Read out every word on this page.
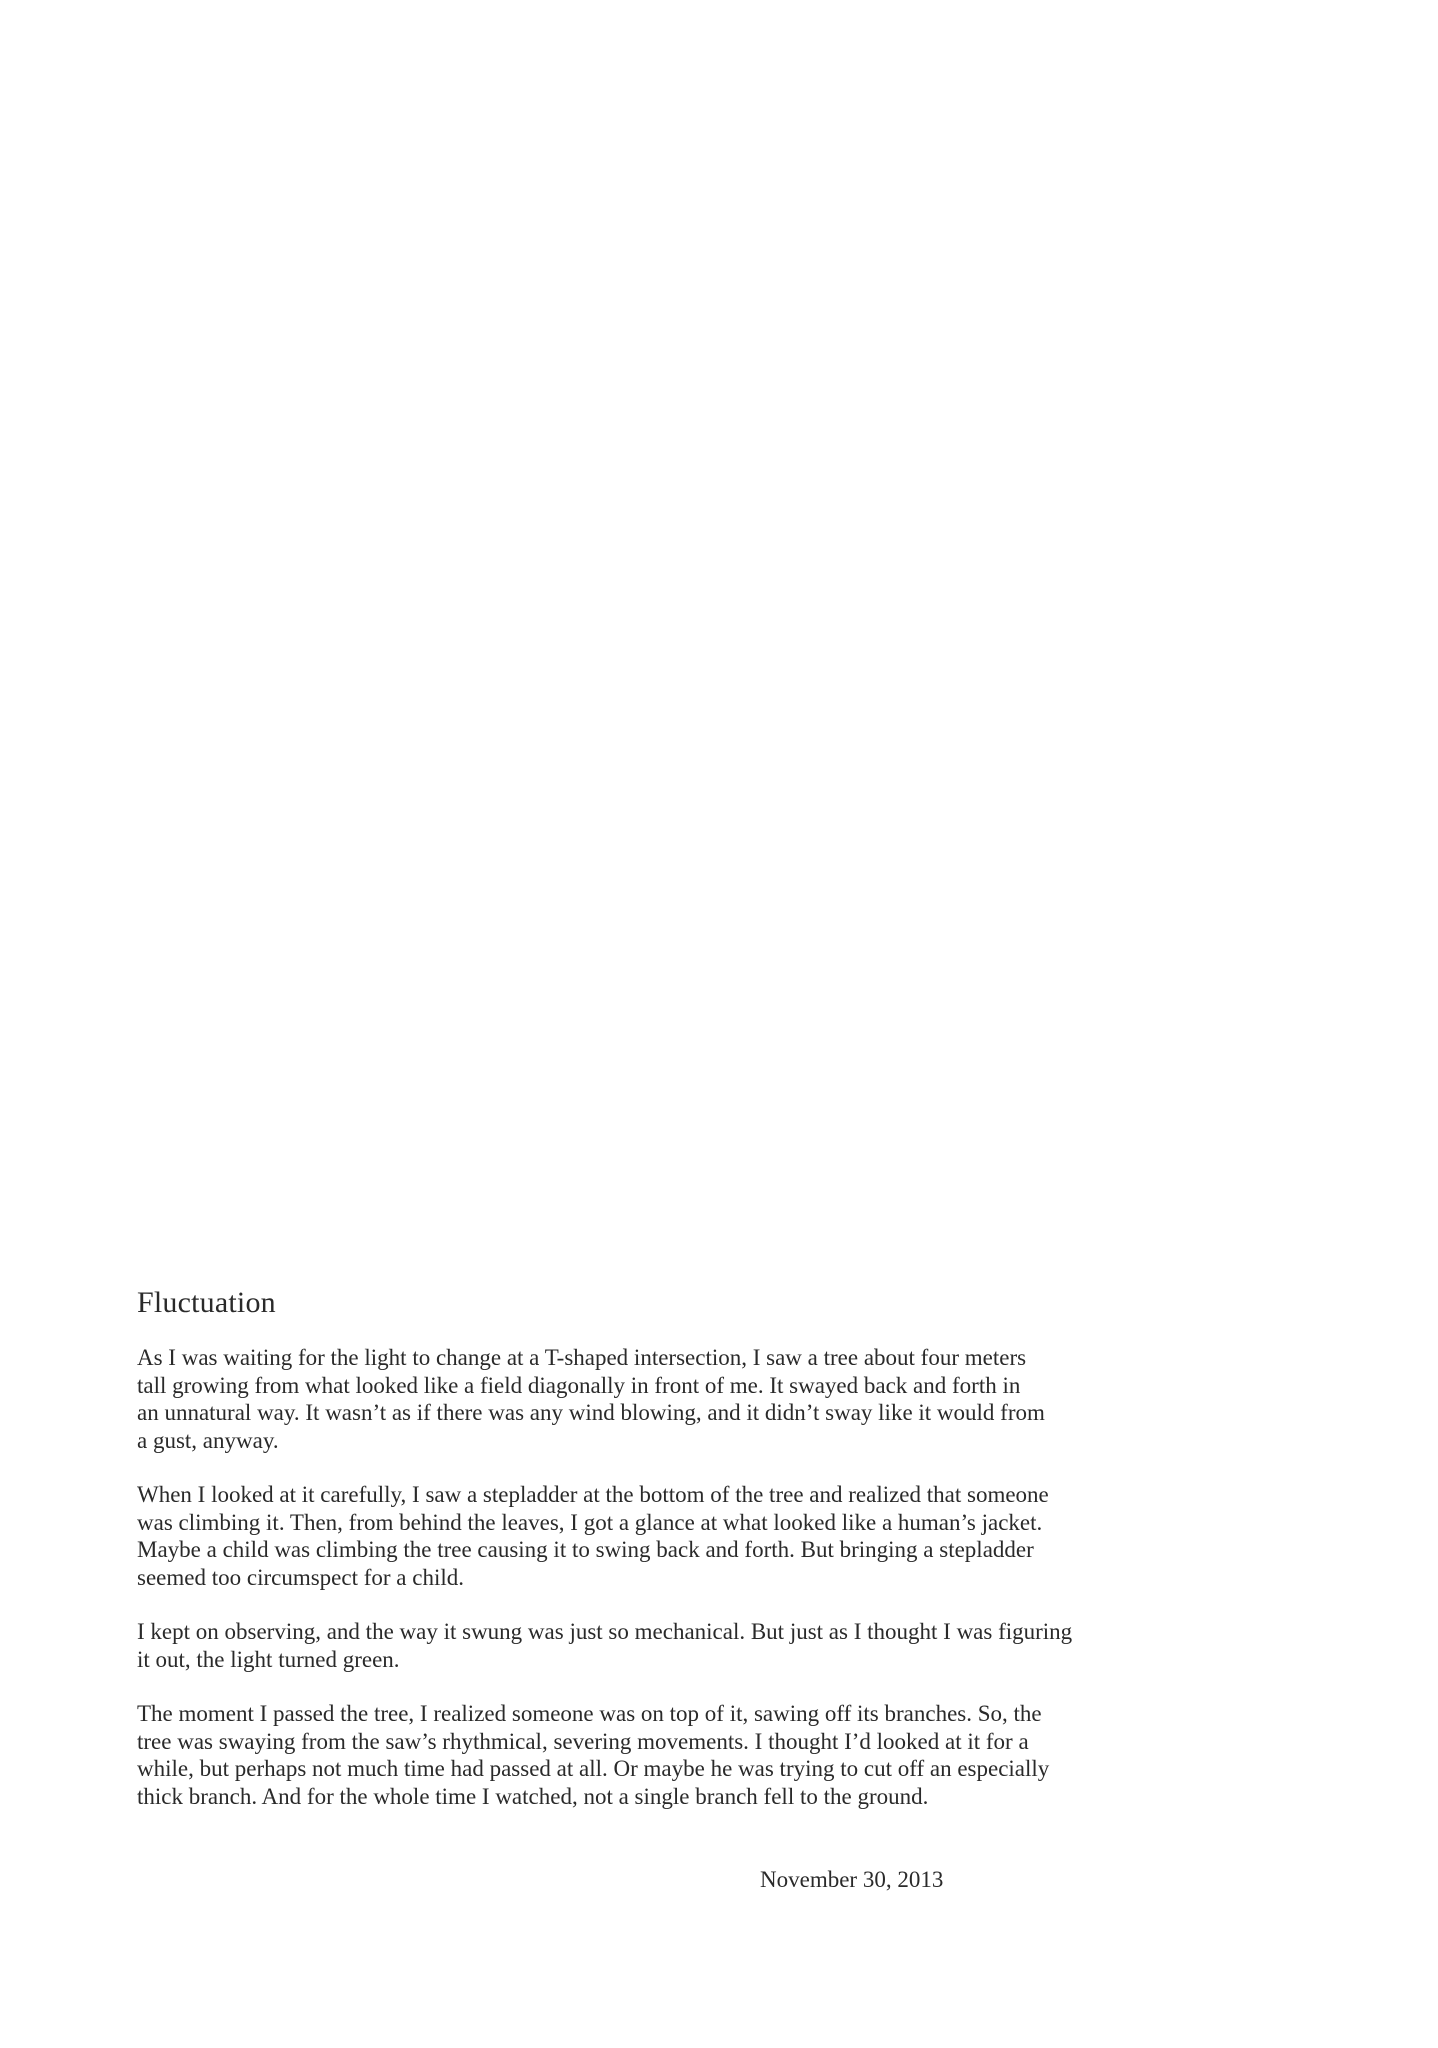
Fluctuation

As I was waiting for the light to change at a T-shaped intersection, I saw a tree about four meters
tall growing from what looked like a field diagonally in front of me. It swayed back and forth in
an unnatural way. It wasn’t as if there was any wind blowing, and it didn’t sway like it would from
a gust, anyway.

When I looked at it carefully, I saw a stepladder at the bottom of the tree and realized that someone
was climbing it. Then, from behind the leaves, I got a glance at what looked like a human’s jacket.
Maybe a child was climbing the tree causing it to swing back and forth. But bringing a stepladder
seemed too circumspect for a child.

I kept on observing, and the way it swung was just so mechanical. But just as I thought I was figuring
it out, the light turned green.

The moment I passed the tree, I realized someone was on top of it, sawing off its branches. So, the
tree was swaying from the saw’s rhythmical, severing movements. I thought I’d looked at it for a
while, but perhaps not much time had passed at all. Or maybe he was trying to cut off an especially
thick branch. And for the whole time I watched, not a single branch fell to the ground.

November 30, 2013
